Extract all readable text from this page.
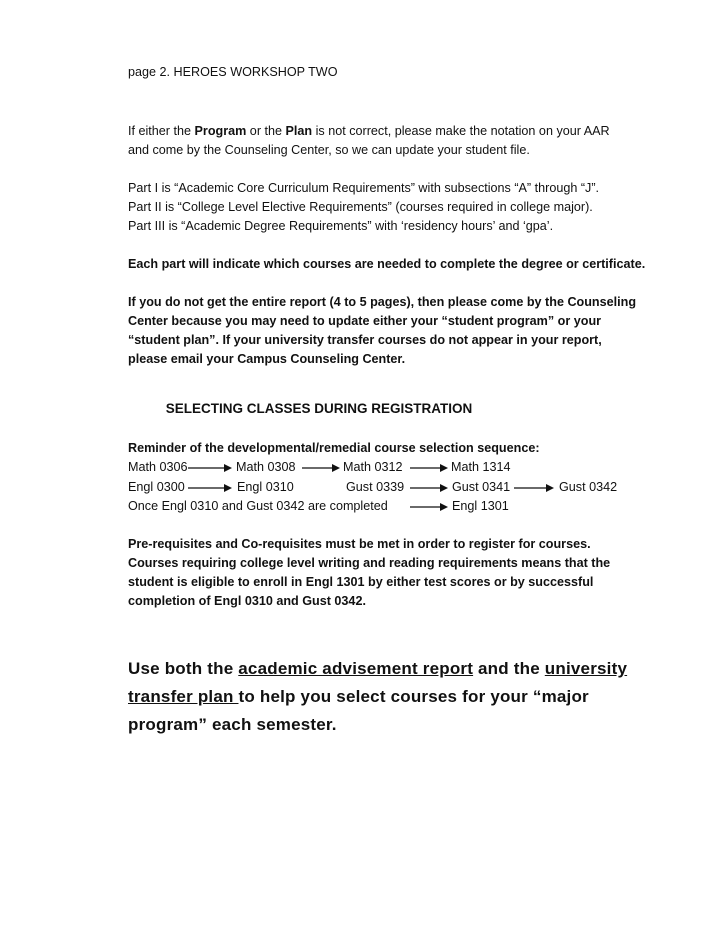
page 2. HEROES WORKSHOP TWO
If either the Program or the Plan is not correct, please make the notation on your AAR
and come by the Counseling Center, so we can update your student file.
Part I is “Academic Core Curriculum Requirements” with subsections “A” through “J”.
Part II is “College Level Elective Requirements” (courses required in college major).
Part III is “Academic Degree Requirements” with ‘residency hours’ and ‘gpa’.
Each part will indicate which courses are needed to complete the degree or certificate.
If you do not get the entire report (4 to 5 pages), then please come by the Counseling
Center because you may need to update either your “student program” or your
“student plan”. If your university transfer courses do not appear in your report,
please email your Campus Counseling Center.
SELECTING CLASSES DURING REGISTRATION
Reminder of the developmental/remedial course selection sequence:
Math 0306	Math 0308	Math 0312	Math 1314
Engl 0300	Engl 0310	Gust 0339	Gust 0341	Gust 0342
Once Engl 0310 and Gust 0342 are completed	Engl 1301
Pre-requisites and Co-requisites must be met in order to register for courses.
Courses requiring college level writing and reading requirements means that the
student is eligible to enroll in Engl 1301 by either test scores or by successful
completion of Engl 0310 and Gust 0342.
Use both the academic advisement report and the university
transfer plan to help you select courses for your “major
program” each semester.
